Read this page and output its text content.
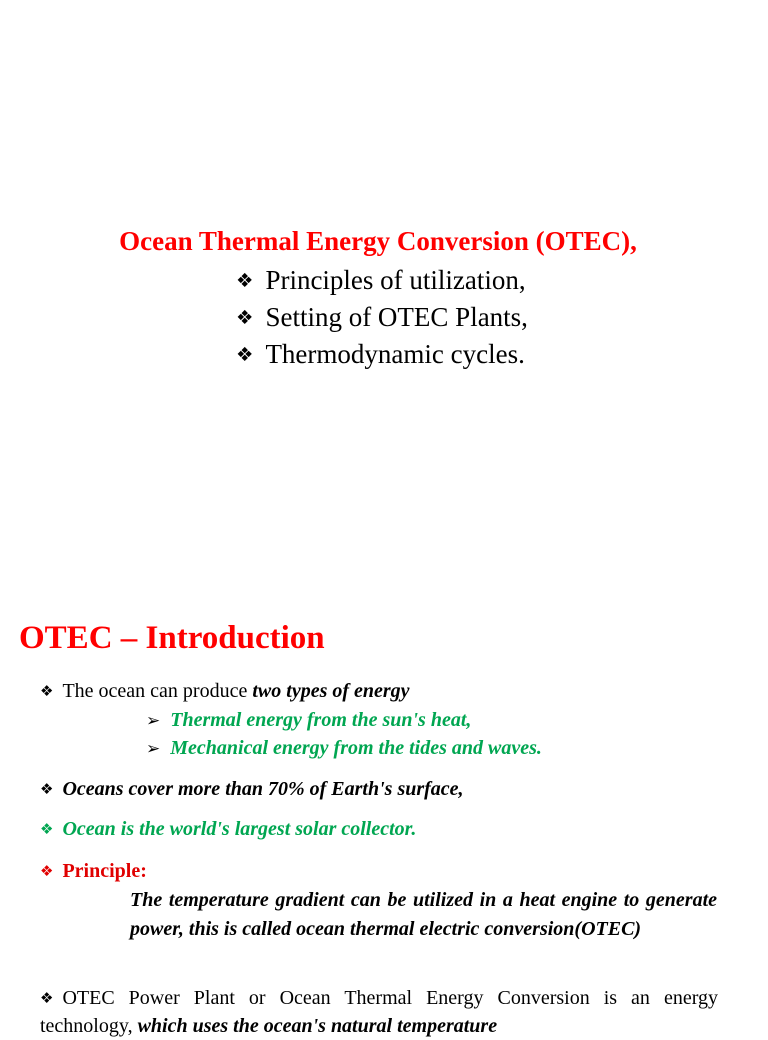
Ocean Thermal Energy Conversion (OTEC),
❖ Principles of utilization,
❖ Setting of OTEC Plants,
❖ Thermodynamic cycles.
OTEC – Introduction
❖ The ocean can produce two types of energy
➢ Thermal energy from the sun's heat,
➢ Mechanical energy from the tides and waves.
❖ Oceans cover more than 70% of Earth's surface,
❖ Ocean is the world's largest solar collector.
❖ Principle:
The temperature gradient can be utilized in a heat engine to generate power, this is called ocean thermal electric conversion(OTEC)
❖ OTEC Power Plant or Ocean Thermal Energy Conversion is an energy technology, which uses the ocean's natural temperature
